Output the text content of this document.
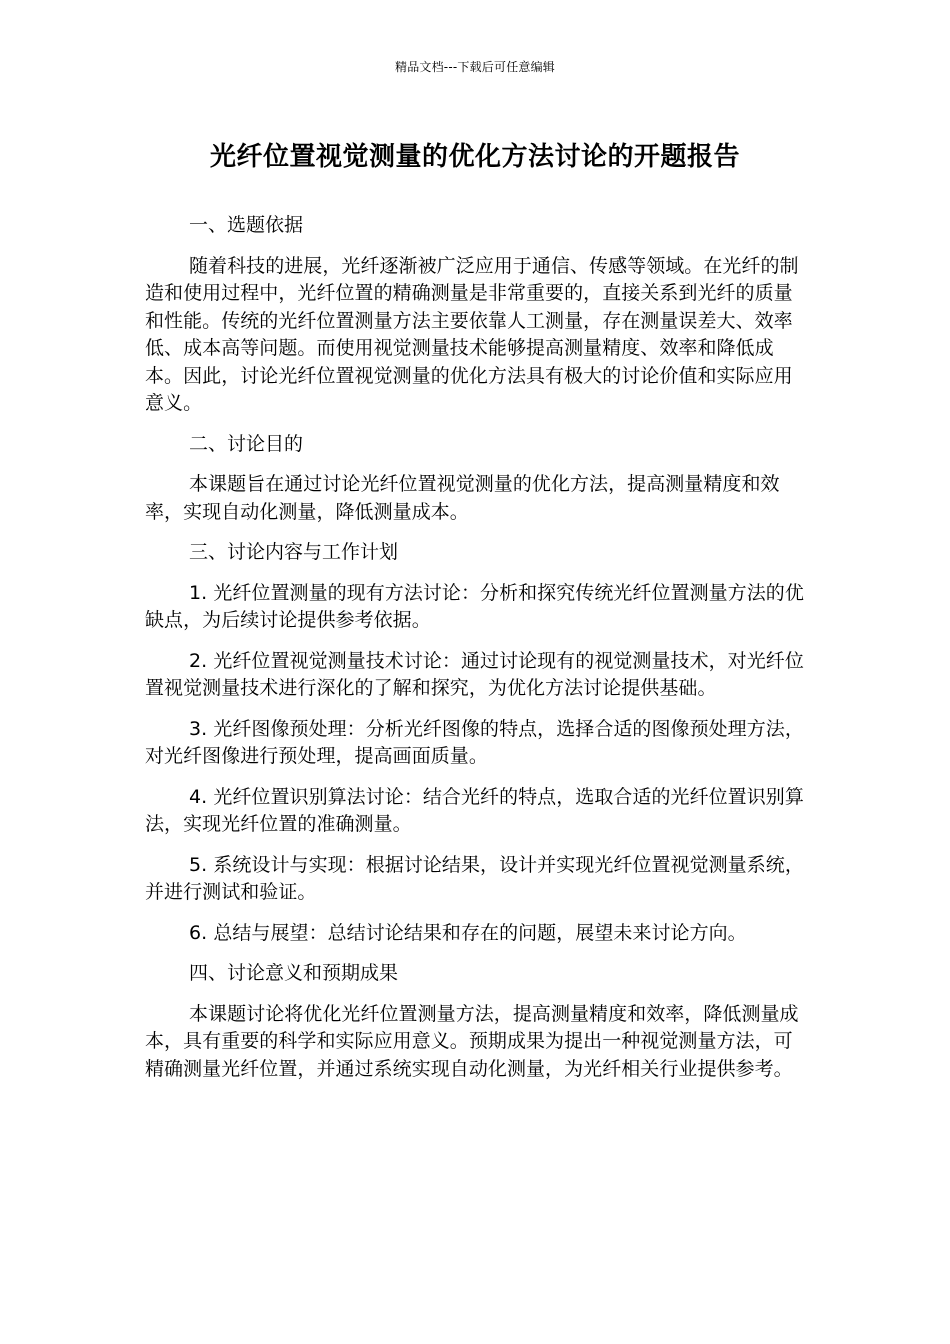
精品文档---下载后可任意编辑
光纤位置视觉测量的优化方法讨论的开题报告

一、选题依据

随着科技的进展，光纤逐渐被广泛应用于通信、传感等领域。在光纤的制造和使用过程中，光纤位置的精确测量是非常重要的，直接关系到光纤的质量和性能。传统的光纤位置测量方法主要依靠人工测量，存在测量误差大、效率低、成本高等问题。而使用视觉测量技术能够提高测量精度、效率和降低成本。因此，讨论光纤位置视觉测量的优化方法具有极大的讨论价值和实际应用意义。

二、讨论目的

本课题旨在通过讨论光纤位置视觉测量的优化方法，提高测量精度和效率，实现自动化测量，降低测量成本。

三、讨论内容与工作计划

1. 光纤位置测量的现有方法讨论：分析和探究传统光纤位置测量方法的优缺点，为后续讨论提供参考依据。

2. 光纤位置视觉测量技术讨论：通过讨论现有的视觉测量技术，对光纤位置视觉测量技术进行深化的了解和探究，为优化方法讨论提供基础。

3. 光纤图像预处理：分析光纤图像的特点，选择合适的图像预处理方法，对光纤图像进行预处理，提高画面质量。

4. 光纤位置识别算法讨论：结合光纤的特点，选取合适的光纤位置识别算法，实现光纤位置的准确测量。

5. 系统设计与实现：根据讨论结果，设计并实现光纤位置视觉测量系统，并进行测试和验证。

6. 总结与展望：总结讨论结果和存在的问题，展望未来讨论方向。

四、讨论意义和预期成果

本课题讨论将优化光纤位置测量方法，提高测量精度和效率，降低测量成本，具有重要的科学和实际应用意义。预期成果为提出一种视觉测量方法，可精确测量光纤位置，并通过系统实现自动化测量，为光纤相关行业提供参考。
